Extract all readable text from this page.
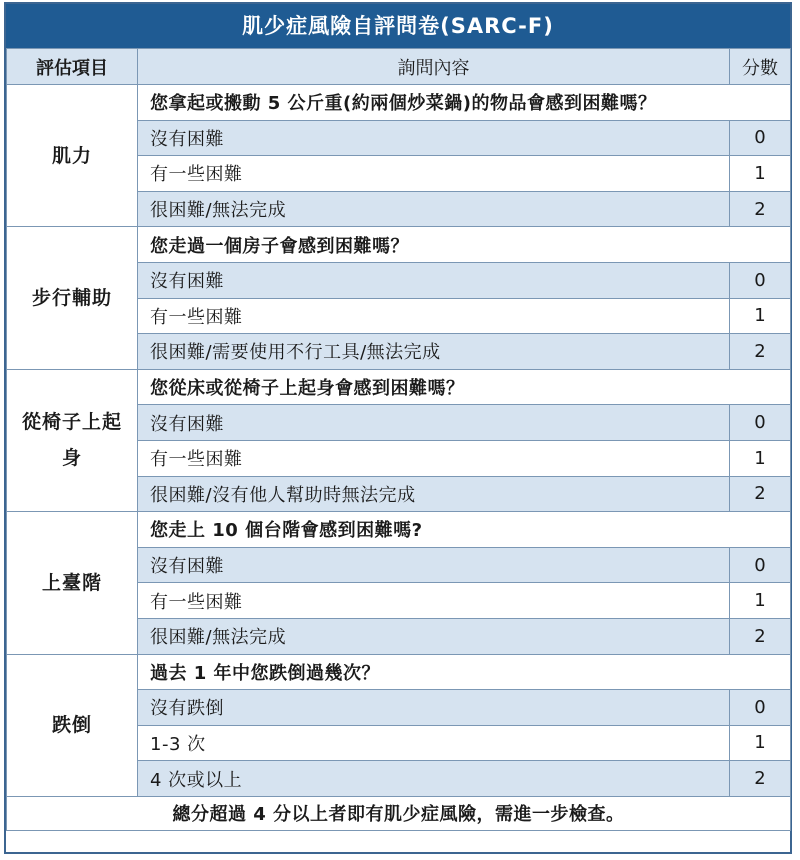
肌少症風險自評問卷(SARC-F)
評估項目	詢問內容	分數
肌力	您拿起或搬動 5 公斤重(約兩個炒菜鍋)的物品會感到困難嗎？	
	沒有困難	0
	有一些困難	1
	很困難/無法完成	2
步行輔助	您走過一個房子會感到困難嗎？	
	沒有困難	0
	有一些困難	1
	很困難/需要使用不行工具/無法完成	2
從椅子上起身	您從床或從椅子上起身會感到困難嗎？	
	沒有困難	0
	有一些困難	1
	很困難/沒有他人幫助時無法完成	2
上臺階	您走上 10 個台階會感到困難嗎?	
	沒有困難	0
	有一些困難	1
	很困難/無法完成	2
跌倒	過去 1 年中您跌倒過幾次？	
	沒有跌倒	0
	1-3 次	1
	4 次或以上	2
總分超過 4 分以上者即有肌少症風險，需進一步檢查。		
